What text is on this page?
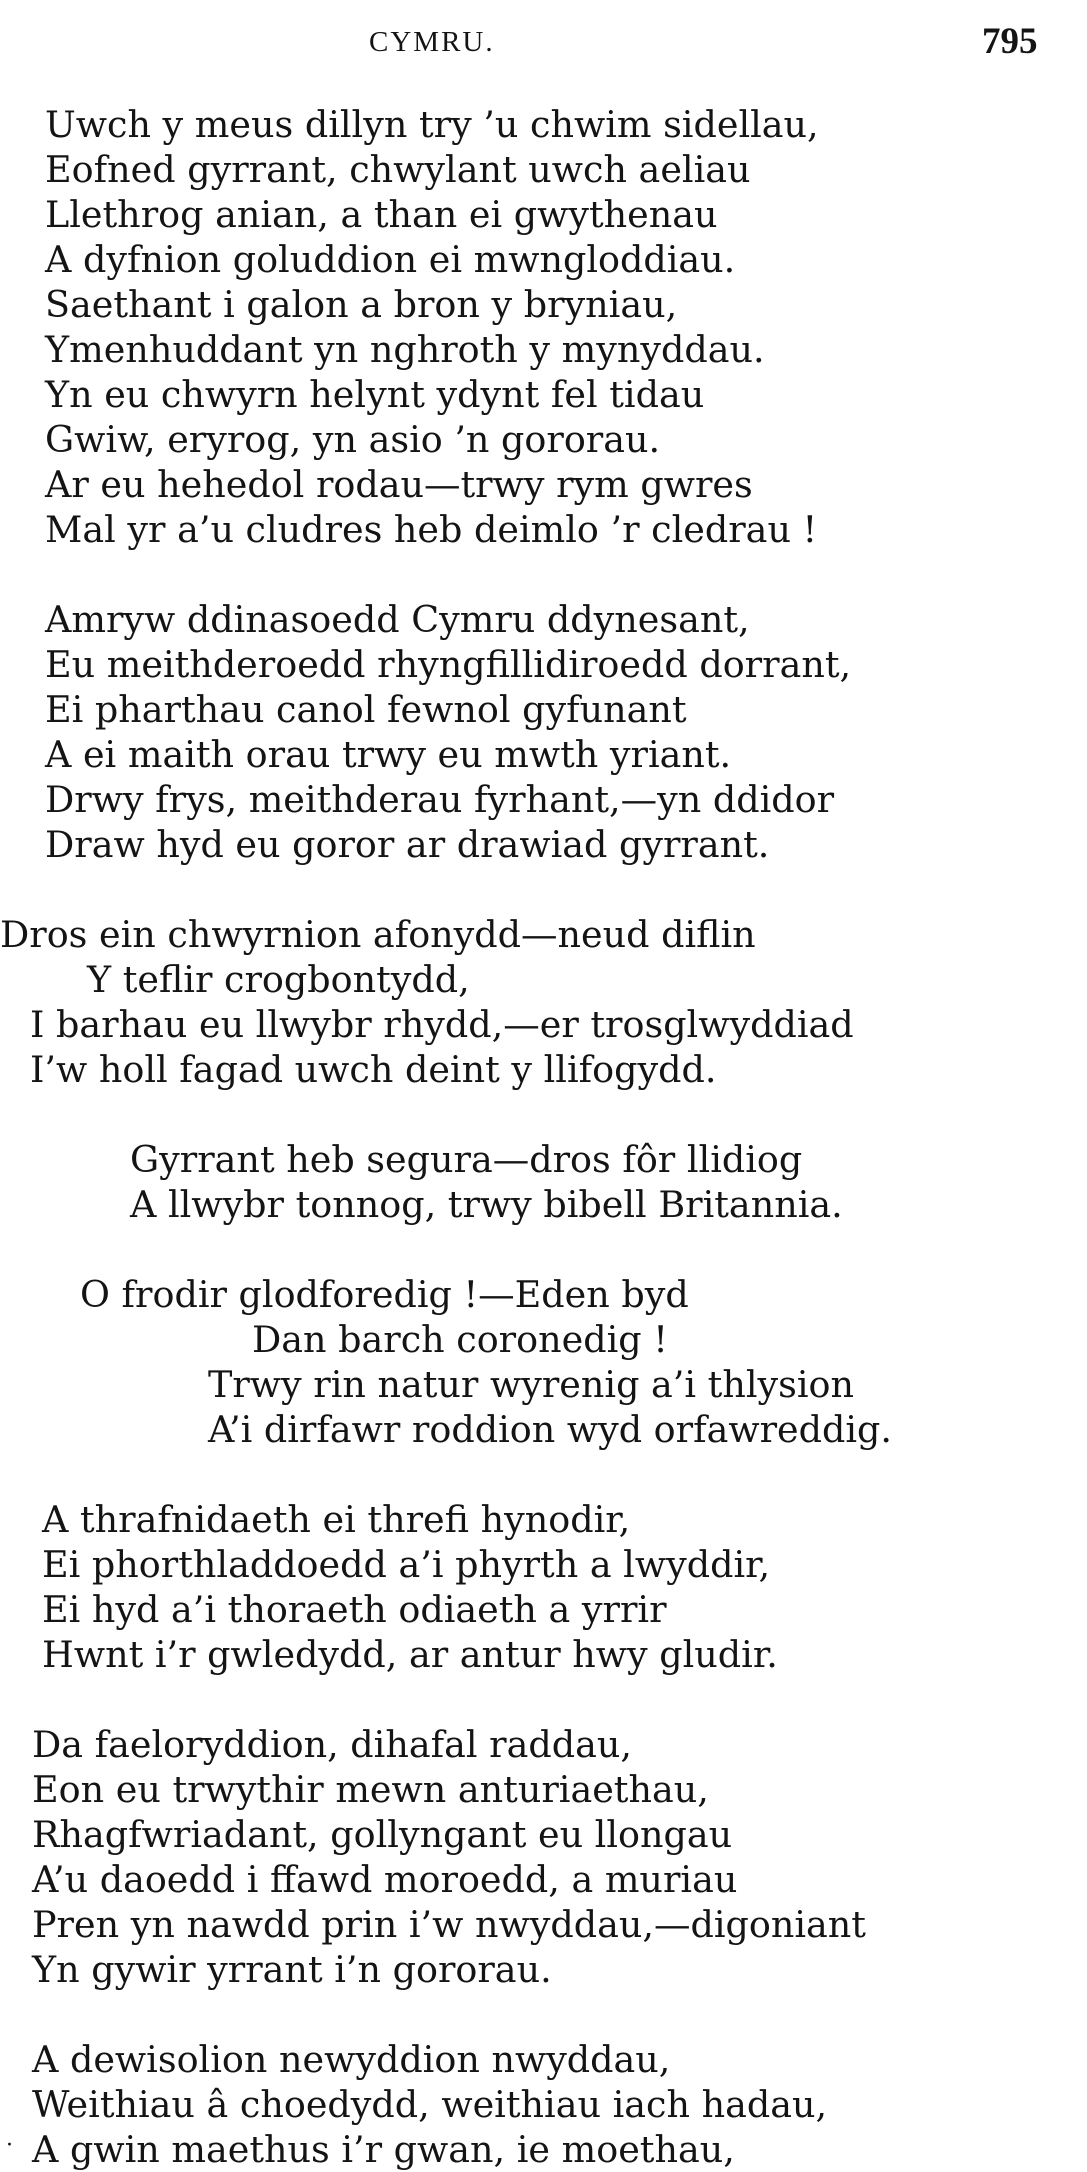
CYMRU.	795
Uwch y meus dillyn try ’u chwim sidellau,
Eofned gyrrant, chwylant uwch aeliau
Llethrog anian, a than ei gwythenau
A dyfnion goluddion ei mwngloddiau.
Saethant i galon a bron y bryniau,
Ymenhuddant yn nghroth y mynyddau.
Yn eu chwyrn helynt ydynt fel tidau
Gwiw, eryrog, yn asio ’n gororau.
Ar eu hehedol rodau—trwy rym gwres
Mal yr a’u cludres heb deimlo ’r cledrau !
Amryw ddinasoedd Cymru ddynesant,
Eu meithderoedd rhyngfillidiroedd dorrant,
Ei pharthau canol fewnol gyfunant
A ei maith orau trwy eu mwth yriant.
Drwy frys, meithderau fyrhant,—yn ddidor
Draw hyd eu goror ar drawiad gyrrant.
Dros ein chwyrnion afonydd—neud diflin
Y teflir crogbontydd,
I barhau eu llwybr rhydd,—er trosglwyddiad
I’w holl fagad uwch deint y llifogydd.
Gyrrant heb segura—dros fôr llidiog
A llwybr tonnog, trwy bibell Britannia.
O frodir glodforedig !—Eden byd
Dan barch coronedig !
Trwy rin natur wyrenig a’i thlysion
A’i dirfawr roddion wyd orfawreddig.
A thrafnidaeth ei threfi hynodir,
Ei phorthladdoedd a’i phyrth a lwyddir,
Ei hyd a’i thoraeth odiaeth a yrrir
Hwnt i’r gwledydd, ar antur hwy gludir.
Da faeloryddion, dihafal raddau,
Eon eu trwythir mewn anturiaethau,
Rhagfwriadant, gollyngant eu llongau
A’u daoedd i ffawd moroedd, a muriau
Pren yn nawdd prin i’w nwyddau,—digoniant
Yn gywir yrrant i’n gororau.
A dewisolion newyddion nwyddau,
Weithiau â choedydd, weithiau iach hadau,
A gwin maethus i’r gwan, ie moethau,
·
